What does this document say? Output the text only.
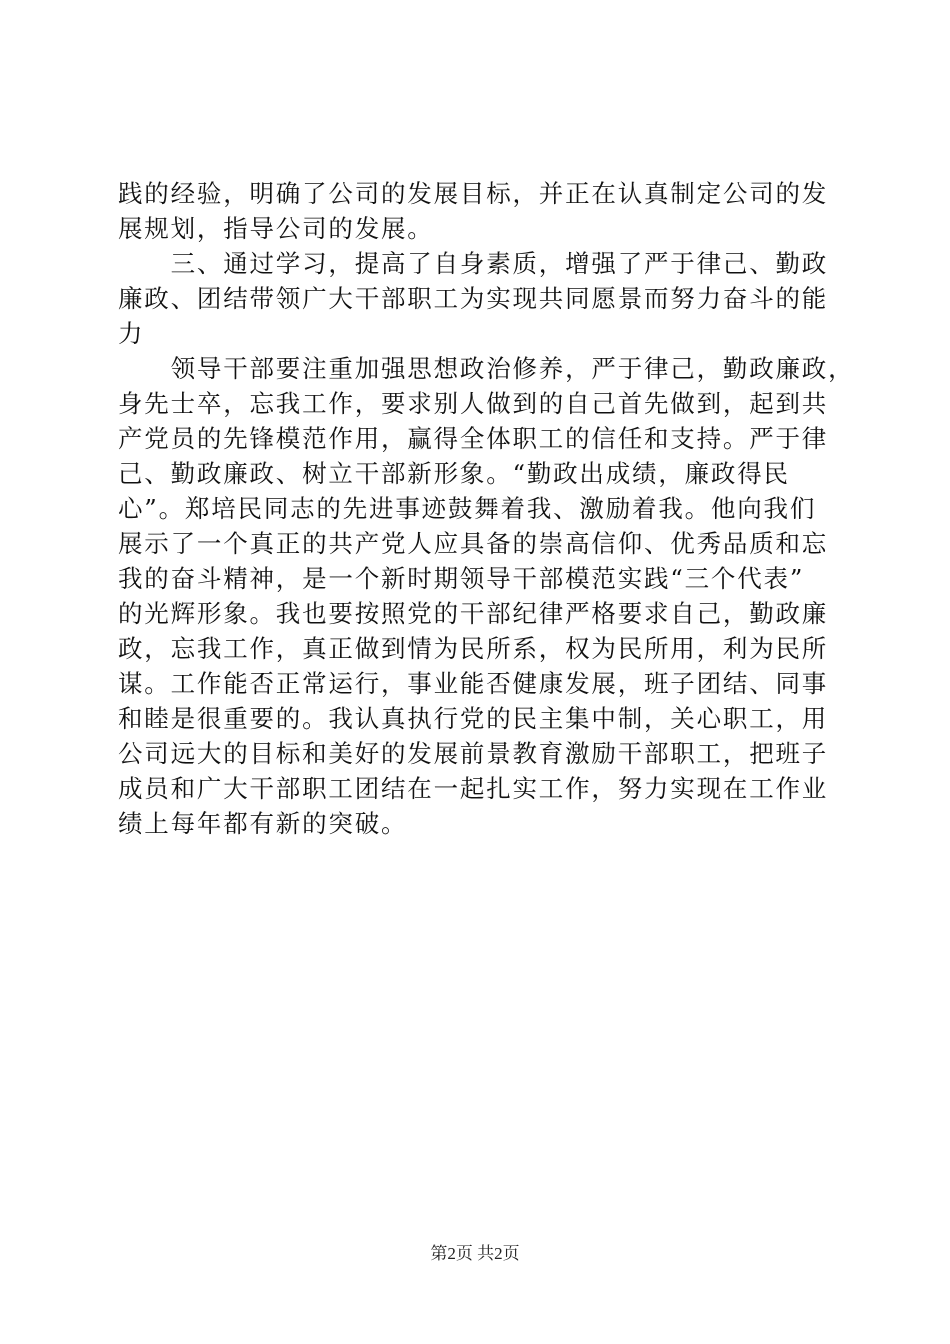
践的经验，明确了公司的发展目标，并正在认真制定公司的发
展规划，指导公司的发展。
　　三、通过学习，提高了自身素质，增强了严于律己、勤政
廉政、团结带领广大干部职工为实现共同愿景而努力奋斗的能
力
　　领导干部要注重加强思想政治修养，严于律己，勤政廉政，
身先士卒，忘我工作，要求别人做到的自己首先做到，起到共
产党员的先锋模范作用，赢得全体职工的信任和支持。严于律
己、勤政廉政、树立干部新形象。“勤政出成绩，廉政得民
心”。郑培民同志的先进事迹鼓舞着我、激励着我。他向我们
展示了一个真正的共产党人应具备的崇高信仰、优秀品质和忘
我的奋斗精神，是一个新时期领导干部模范实践“三个代表”
的光辉形象。我也要按照党的干部纪律严格要求自己，勤政廉
政，忘我工作，真正做到情为民所系，权为民所用，利为民所
谋。工作能否正常运行，事业能否健康发展，班子团结、同事
和睦是很重要的。我认真执行党的民主集中制，关心职工，用
公司远大的目标和美好的发展前景教育激励干部职工，把班子
成员和广大干部职工团结在一起扎实工作，努力实现在工作业
绩上每年都有新的突破。
第2页 共2页
